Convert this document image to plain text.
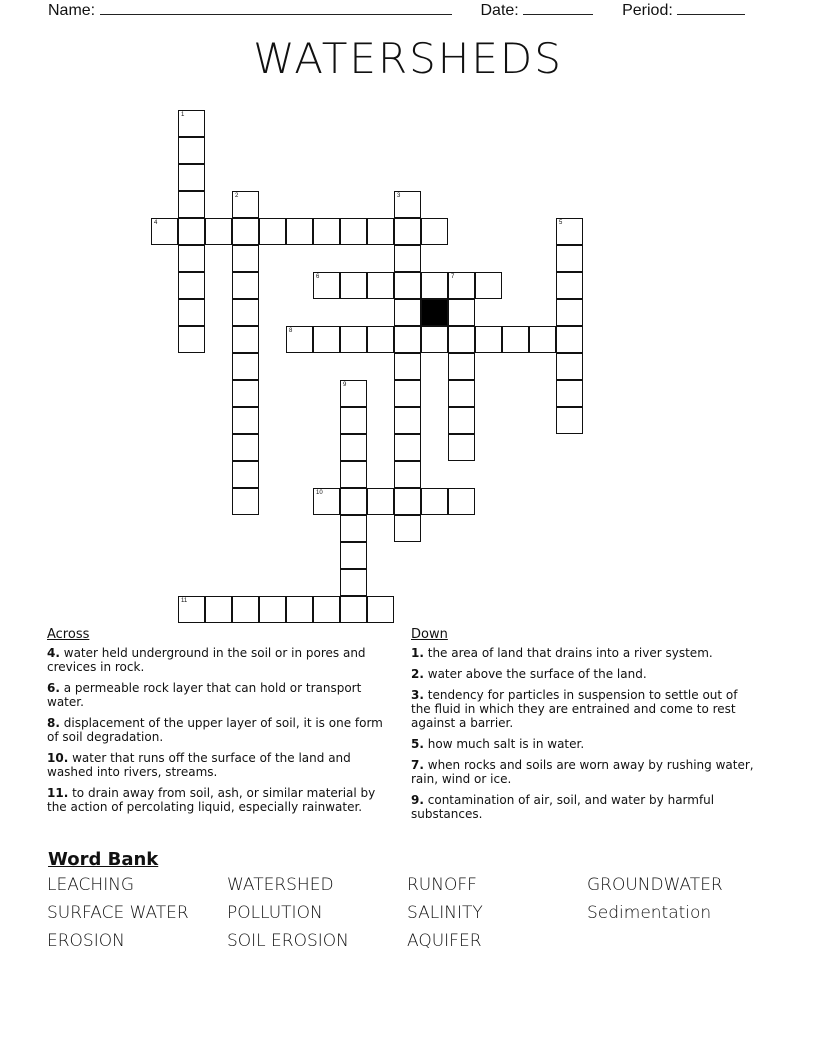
Name:	Date:	Period:
WATERSHEDS
1
2	3
4	5
6	7
8
9
10
11
Across
4. water held underground in the soil or in pores and crevices in rock.
6. a permeable rock layer that can hold or transport water.
8. displacement of the upper layer of soil, it is one form of soil degradation.
10. water that runs off the surface of the land and washed into rivers, streams.
11. to drain away from soil, ash, or similar material by the action of percolating liquid, especially rainwater.
Down
1. the area of land that drains into a river system.
2. water above the surface of the land.
3. tendency for particles in suspension to settle out of the fluid in which they are entrained and come to rest against a barrier.
5. how much salt is in water.
7. when rocks and soils are worn away by rushing water, rain, wind or ice.
9. contamination of air, soil, and water by harmful substances.
Word Bank
LEACHING	WATERSHED	RUNOFF	GROUNDWATER
SURFACE WATER	POLLUTION	SALINITY	Sedimentation
EROSION	SOIL EROSION	AQUIFER
